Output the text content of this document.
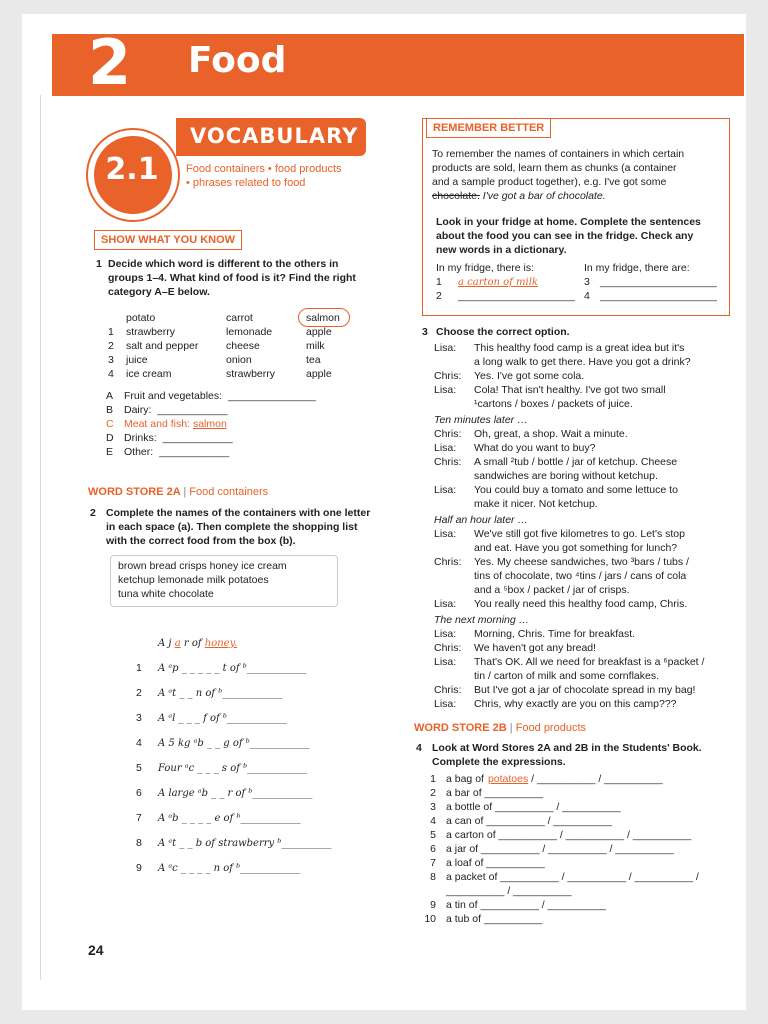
2 Food
VOCABULARY
2.1	Food containers • food products
• phrases related to food
SHOW WHAT YOU KNOW
1 Decide which word is different to the others in
groups 1–4. What kind of food is it? Find the right
category A–E below.
potato	carrot	salmon
1 strawberry	lemonade	apple
2 salt and pepper	cheese	milk
3 juice	onion	tea
4 ice cream	strawberry	apple
A Fruit and vegetables: _______________
B Dairy: ____________
C Meat and fish: salmon
D Drinks: ____________
E Other: ____________
WORD STORE 2A | Food containers
2 Complete the names of the containers with one letter
in each space (a). Then complete the shopping list
with the correct food from the box (b).
brown bread crisps honey ice cream
ketchup lemonade milk potatoes
tuna white chocolate
A j a r of honey.
1 A ᵃp _ _ _ _ _ t of ᵇ____________
2 A ᵃt _ _ n of ᵇ____________
3 A ᵃl _ _ _ f of ᵇ____________
4 A 5 kg ᵃb _ _ g of ᵇ____________
5 Four ᵃc _ _ _ s of ᵇ____________
6 A large ᵃb _ _ r of ᵇ____________
7 A ᵃb _ _ _ _ e of ᵇ____________
8 A ᵃt _ _ b of strawberry ᵇ__________
9 A ᵃc _ _ _ _ n of ᵇ____________
REMEMBER BETTER
To remember the names of containers in which certain
products are sold, learn them as chunks (a container
and a sample product together), e.g. I've got some
chocolate. I've got a bar of chocolate.
Look in your fridge at home. Complete the sentences
about the food you can see in the fridge. Check any
new words in a dictionary.
In my fridge, there is:	In my fridge, there are:
1 a carton of milk
2 ____________________
3 ____________________
4 ____________________
3 Choose the correct option.
Lisa: This healthy food camp is a great idea but it's
a long walk to get there. Have you got a drink?
Chris: Yes. I've got some cola.
Lisa: Cola! That isn't healthy. I've got two small
¹cartons / boxes / packets of juice.
Ten minutes later …
Chris: Oh, great, a shop. Wait a minute.
Lisa: What do you want to buy?
Chris: A small ²tub / bottle / jar of ketchup. Cheese
sandwiches are boring without ketchup.
Lisa: You could buy a tomato and some lettuce to
make it nicer. Not ketchup.
Half an hour later …
Lisa: We've still got five kilometres to go. Let's stop
and eat. Have you got something for lunch?
Chris: Yes. My cheese sandwiches, two ³bars / tubs /
tins of chocolate, two ⁴tins / jars / cans of cola
and a ⁵box / packet / jar of crisps.
Lisa: You really need this healthy food camp, Chris.
The next morning …
Lisa: Morning, Chris. Time for breakfast.
Chris: We haven't got any bread!
Lisa: That's OK. All we need for breakfast is a ⁶packet /
tin / carton of milk and some cornflakes.
Chris: But I've got a jar of chocolate spread in my bag!
Lisa: Chris, why exactly are you on this camp???
WORD STORE 2B | Food products
4 Look at Word Stores 2A and 2B in the Students' Book.
Complete the expressions.
1 a bag of potatoes / __________ / __________
2 a bar of __________
3 a bottle of __________ / __________
4 a can of __________ / __________
5 a carton of __________ / __________ / __________
6 a jar of __________ / __________ / __________
7 a loaf of __________
8 a packet of __________ / __________ / __________ /
__________ / __________
9 a tin of __________ / __________
10 a tub of __________
24
